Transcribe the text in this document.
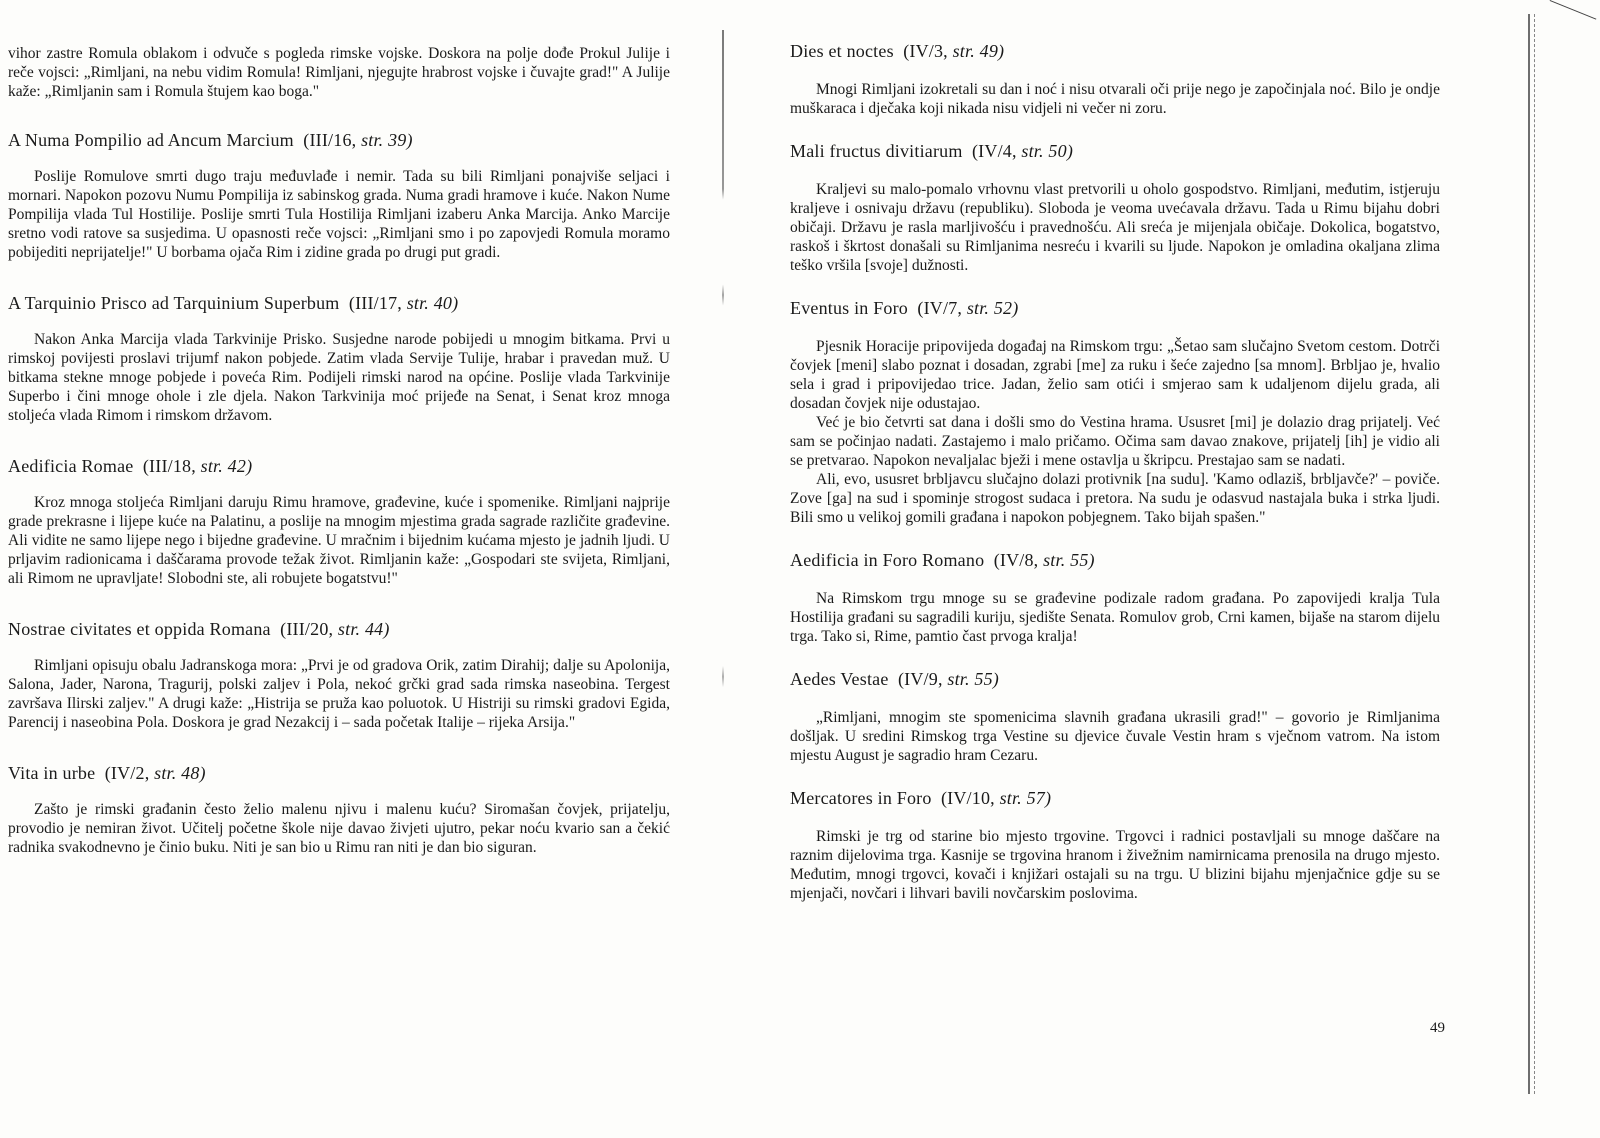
vihor zastre Romula oblakom i odvuče s pogleda rimske vojske. Doskora na polje dođe Prokul Julije i reče vojsci: „Rimljani, na nebu vidim Romula! Rimljani, njegujte hrabrost vojske i čuvajte grad!" A Julije kaže: „Rimljanin sam i Romula štujem kao boga."

A Numa Pompilio ad Ancum Marcium (III/16, str. 39)

Poslije Romulove smrti dugo traju međuvlađe i nemir. Tada su bili Rimljani ponajviše seljaci i mornari. Napokon pozovu Numu Pompilija iz sabinskog grada. Numa gradi hramove i kuće. Nakon Nume Pompilija vlada Tul Hostilije. Poslije smrti Tula Hostilija Rimljani izaberu Anka Marcija. Anko Marcije sretno vodi ratove sa susjedima. U opasnosti reče vojsci: „Rimljani smo i po zapovjedi Romula moramo pobijediti neprijatelje!" U borbama ojača Rim i zidine grada po drugi put gradi.

A Tarquinio Prisco ad Tarquinium Superbum (III/17, str. 40)

Nakon Anka Marcija vlada Tarkvinije Prisko. Susjedne narode pobijedi u mnogim bitkama. Prvi u rimskoj povijesti proslavi trijumf nakon pobjede. Zatim vlada Servije Tulije, hrabar i pravedan muž. U bitkama stekne mnoge pobjede i poveća Rim. Podijeli rimski narod na općine. Poslije vlada Tarkvinije Superbo i čini mnoge ohole i zle djela. Nakon Tarkvinija moć prijeđe na Senat, i Senat kroz mnoga stoljeća vlada Rimom i rimskom državom.

Aedificia Romae (III/18, str. 42)

Kroz mnoga stoljeća Rimljani daruju Rimu hramove, građevine, kuće i spomenike. Rimljani najprije grade prekrasne i lijepe kuće na Palatinu, a poslije na mnogim mjestima grada sagrade različite građevine. Ali vidite ne samo lijepe nego i bijedne građevine. U mračnim i bijednim kućama mjesto je jadnih ljudi. U prljavim radionicama i daščarama provode težak život. Rimljanin kaže: „Gospodari ste svijeta, Rimljani, ali Rimom ne upravljate! Slobodni ste, ali robujete bogatstvu!"

Nostrae civitates et oppida Romana (III/20, str. 44)

Rimljani opisuju obalu Jadranskoga mora: „Prvi je od gradova Orik, zatim Dirahij; dalje su Apolonija, Salona, Jader, Narona, Tragurij, polski zaljev i Pola, nekoć grčki grad sada rimska naseobina. Tergest završava Ilirski zaljev." A drugi kaže: „Histrija se pruža kao poluotok. U Histriji su rimski gradovi Egida, Parencij i naseobina Pola. Doskora je grad Nezakcij i – sada početak Italije – rijeka Arsija."

Vita in urbe (IV/2, str. 48)

Zašto je rimski građanin često želio malenu njivu i malenu kuću? Siromašan čovjek, prijatelju, provodio je nemiran život. Učitelj početne škole nije davao živjeti ujutro, pekar noću kvario san a čekić radnika svakodnevno je činio buku. Niti je san bio u Rimu ran niti je dan bio siguran.

Dies et noctes (IV/3, str. 49)

Mnogi Rimljani izokretali su dan i noć i nisu otvarali oči prije nego je započinjala noć. Bilo je ondje muškaraca i dječaka koji nikada nisu vidjeli ni večer ni zoru.

Mali fructus divitiarum (IV/4, str. 50)

Kraljevi su malo-pomalo vrhovnu vlast pretvorili u oholo gospodstvo. Rimljani, međutim, istjeruju kraljeve i osnivaju državu (republiku). Sloboda je veoma uvećavala državu. Tada u Rimu bijahu dobri običaji. Državu je rasla marljivošću i pravednošću. Ali sreća je mijenjala običaje. Dokolica, bogatstvo, raskoš i škrtost donašali su Rimljanima nesreću i kvarili su ljude. Napokon je omladina okaljana zlima teško vršila [svoje] dužnosti.

Eventus in Foro (IV/7, str. 52)

Pjesnik Horacije pripovijeda događaj na Rimskom trgu: „Šetao sam slučajno Svetom cestom. Dotrči čovjek [meni] slabo poznat i dosadan, zgrabi [me] za ruku i šeće zajedno [sa mnom]. Brbljao je, hvalio sela i grad i pripovijedao trice. Jadan, želio sam otići i smjerao sam k udaljenom dijelu grada, ali dosadan čovjek nije odustajao.

Već je bio četvrti sat dana i došli smo do Vestina hrama. Ususret [mi] je dolazio drag prijatelj. Već sam se počinjao nadati. Zastajemo i malo pričamo. Očima sam davao znakove, prijatelj [ih] je vidio ali se pretvarao. Napokon nevaljalac bježi i mene ostavlja u škripcu. Prestajao sam se nadati.

Ali, evo, ususret brbljavcu slučajno dolazi protivnik [na sudu]. 'Kamo odlaziš, brbljavče?' – poviče. Zove [ga] na sud i spominje strogost sudaca i pretora. Na sudu je odasvud nastajala buka i strka ljudi. Bili smo u velikoj gomili građana i napokon pobjegnem. Tako bijah spašen."

Aedificia in Foro Romano (IV/8, str. 55)

Na Rimskom trgu mnoge su se građevine podizale radom građana. Po zapovijedi kralja Tula Hostilija građani su sagradili kuriju, sjedište Senata. Romulov grob, Crni kamen, bijaše na starom dijelu trga. Tako si, Rime, pamtio čast prvoga kralja!

Aedes Vestae (IV/9, str. 55)

„Rimljani, mnogim ste spomenicima slavnih građana ukrasili grad!" – govorio je Rimljanima došljak. U sredini Rimskog trga Vestine su djevice čuvale Vestin hram s vječnom vatrom. Na istom mjestu August je sagradio hram Cezaru.

Mercatores in Foro (IV/10, str. 57)

Rimski je trg od starine bio mjesto trgovine. Trgovci i radnici postavljali su mnoge daščare na raznim dijelovima trga. Kasnije se trgovina hranom i živežnim namirnicama prenosila na drugo mjesto. Međutim, mnogi trgovci, kovači i knjižari ostajali su na trgu. U blizini bijahu mjenjačnice gdje su se mjenjači, novčari i lihvari bavili novčarskim poslovima.

49
